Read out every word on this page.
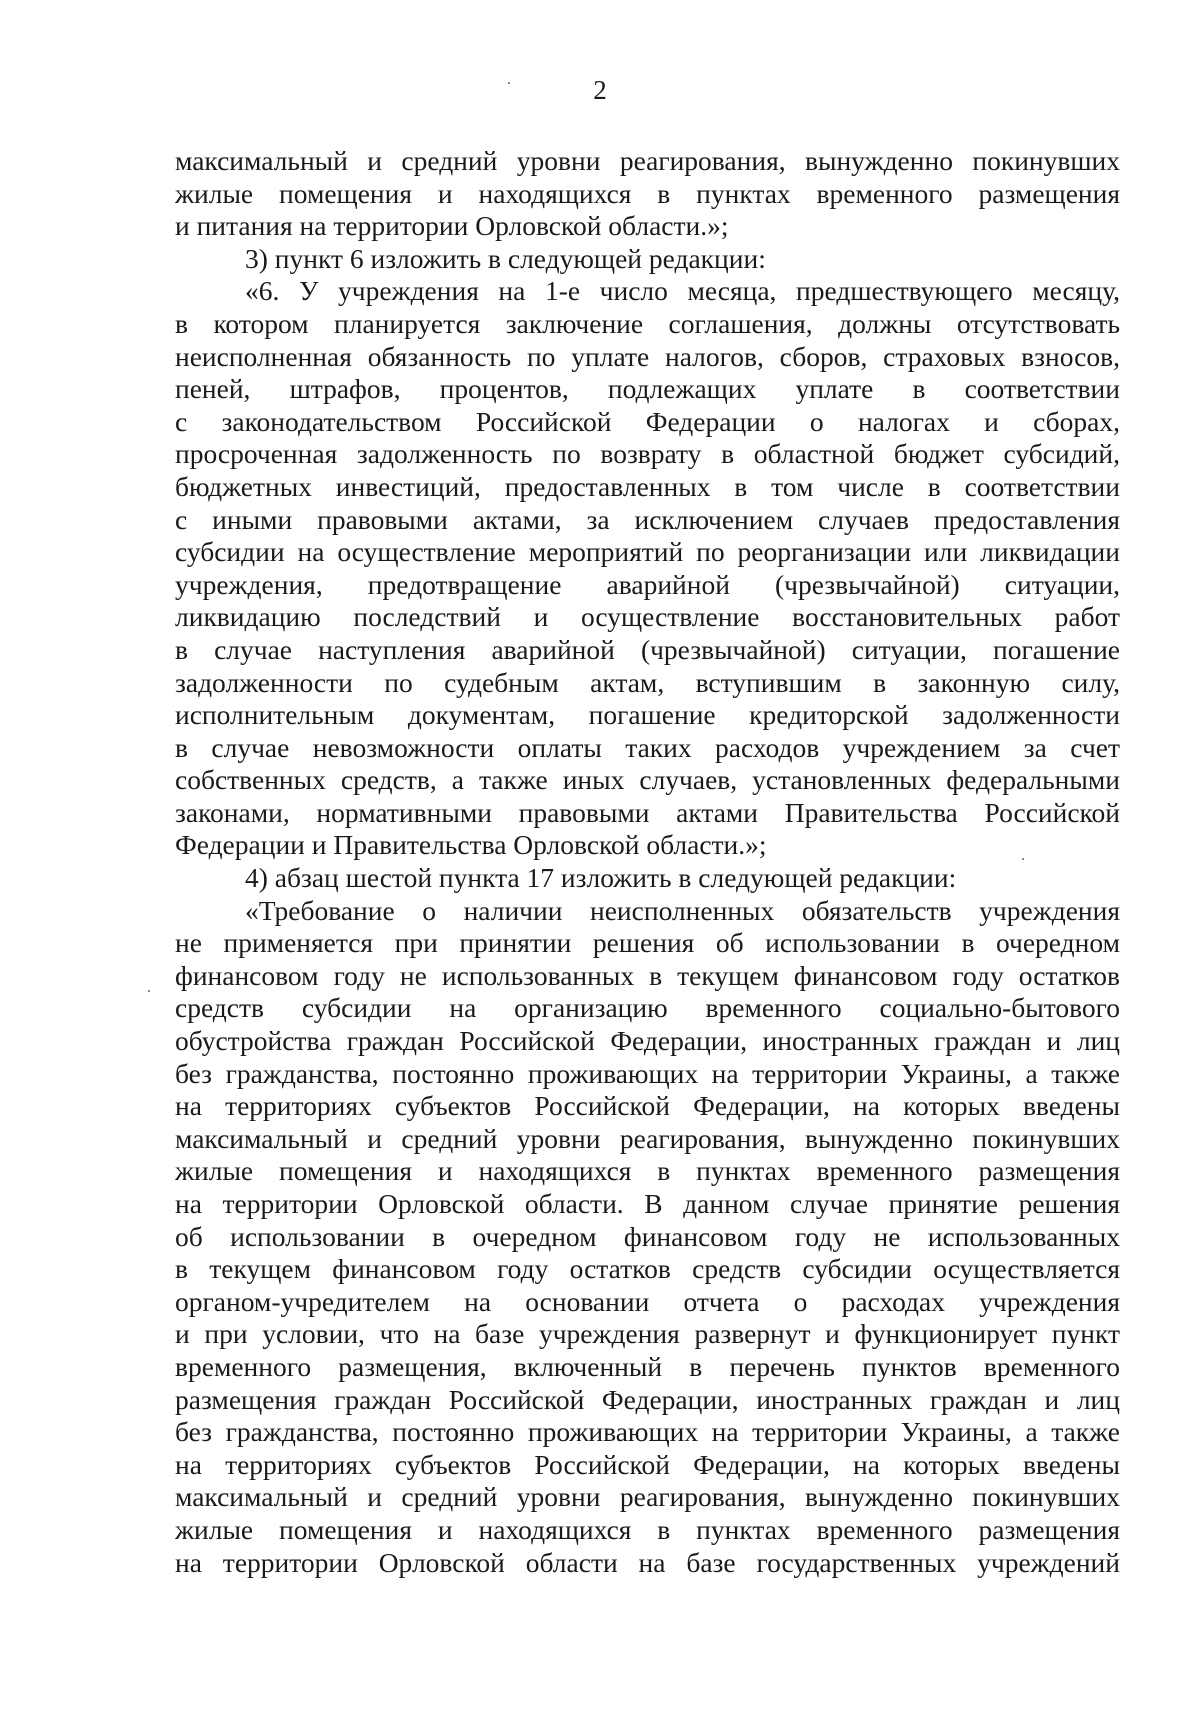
2
максимальный и средний уровни реагирования, вынужденно покинувших
жилые помещения и находящихся в пунктах временного размещения
и питания на территории Орловской области.»;
3) пункт 6 изложить в следующей редакции:
«6. У учреждения на 1-е число месяца, предшествующего месяцу,
в котором планируется заключение соглашения, должны отсутствовать
неисполненная обязанность по уплате налогов, сборов, страховых взносов,
пеней, штрафов, процентов, подлежащих уплате в соответствии
с законодательством Российской Федерации о налогах и сборах,
просроченная задолженность по возврату в областной бюджет субсидий,
бюджетных инвестиций, предоставленных в том числе в соответствии
с иными правовыми актами, за исключением случаев предоставления
субсидии на осуществление мероприятий по реорганизации или ликвидации
учреждения, предотвращение аварийной (чрезвычайной) ситуации,
ликвидацию последствий и осуществление восстановительных работ
в случае наступления аварийной (чрезвычайной) ситуации, погашение
задолженности по судебным актам, вступившим в законную силу,
исполнительным документам, погашение кредиторской задолженности
в случае невозможности оплаты таких расходов учреждением за счет
собственных средств, а также иных случаев, установленных федеральными
законами, нормативными правовыми актами Правительства Российской
Федерации и Правительства Орловской области.»;
4) абзац шестой пункта 17 изложить в следующей редакции:
«Требование о наличии неисполненных обязательств учреждения
не применяется при принятии решения об использовании в очередном
финансовом году не использованных в текущем финансовом году остатков
средств субсидии на организацию временного социально-бытового
обустройства граждан Российской Федерации, иностранных граждан и лиц
без гражданства, постоянно проживающих на территории Украины, а также
на территориях субъектов Российской Федерации, на которых введены
максимальный и средний уровни реагирования, вынужденно покинувших
жилые помещения и находящихся в пунктах временного размещения
на территории Орловской области. В данном случае принятие решения
об использовании в очередном финансовом году не использованных
в текущем финансовом году остатков средств субсидии осуществляется
органом-учредителем на основании отчета о расходах учреждения
и при условии, что на базе учреждения развернут и функционирует пункт
временного размещения, включенный в перечень пунктов временного
размещения граждан Российской Федерации, иностранных граждан и лиц
без гражданства, постоянно проживающих на территории Украины, а также
на территориях субъектов Российской Федерации, на которых введены
максимальный и средний уровни реагирования, вынужденно покинувших
жилые помещения и находящихся в пунктах временного размещения
на территории Орловской области на базе государственных учреждений
